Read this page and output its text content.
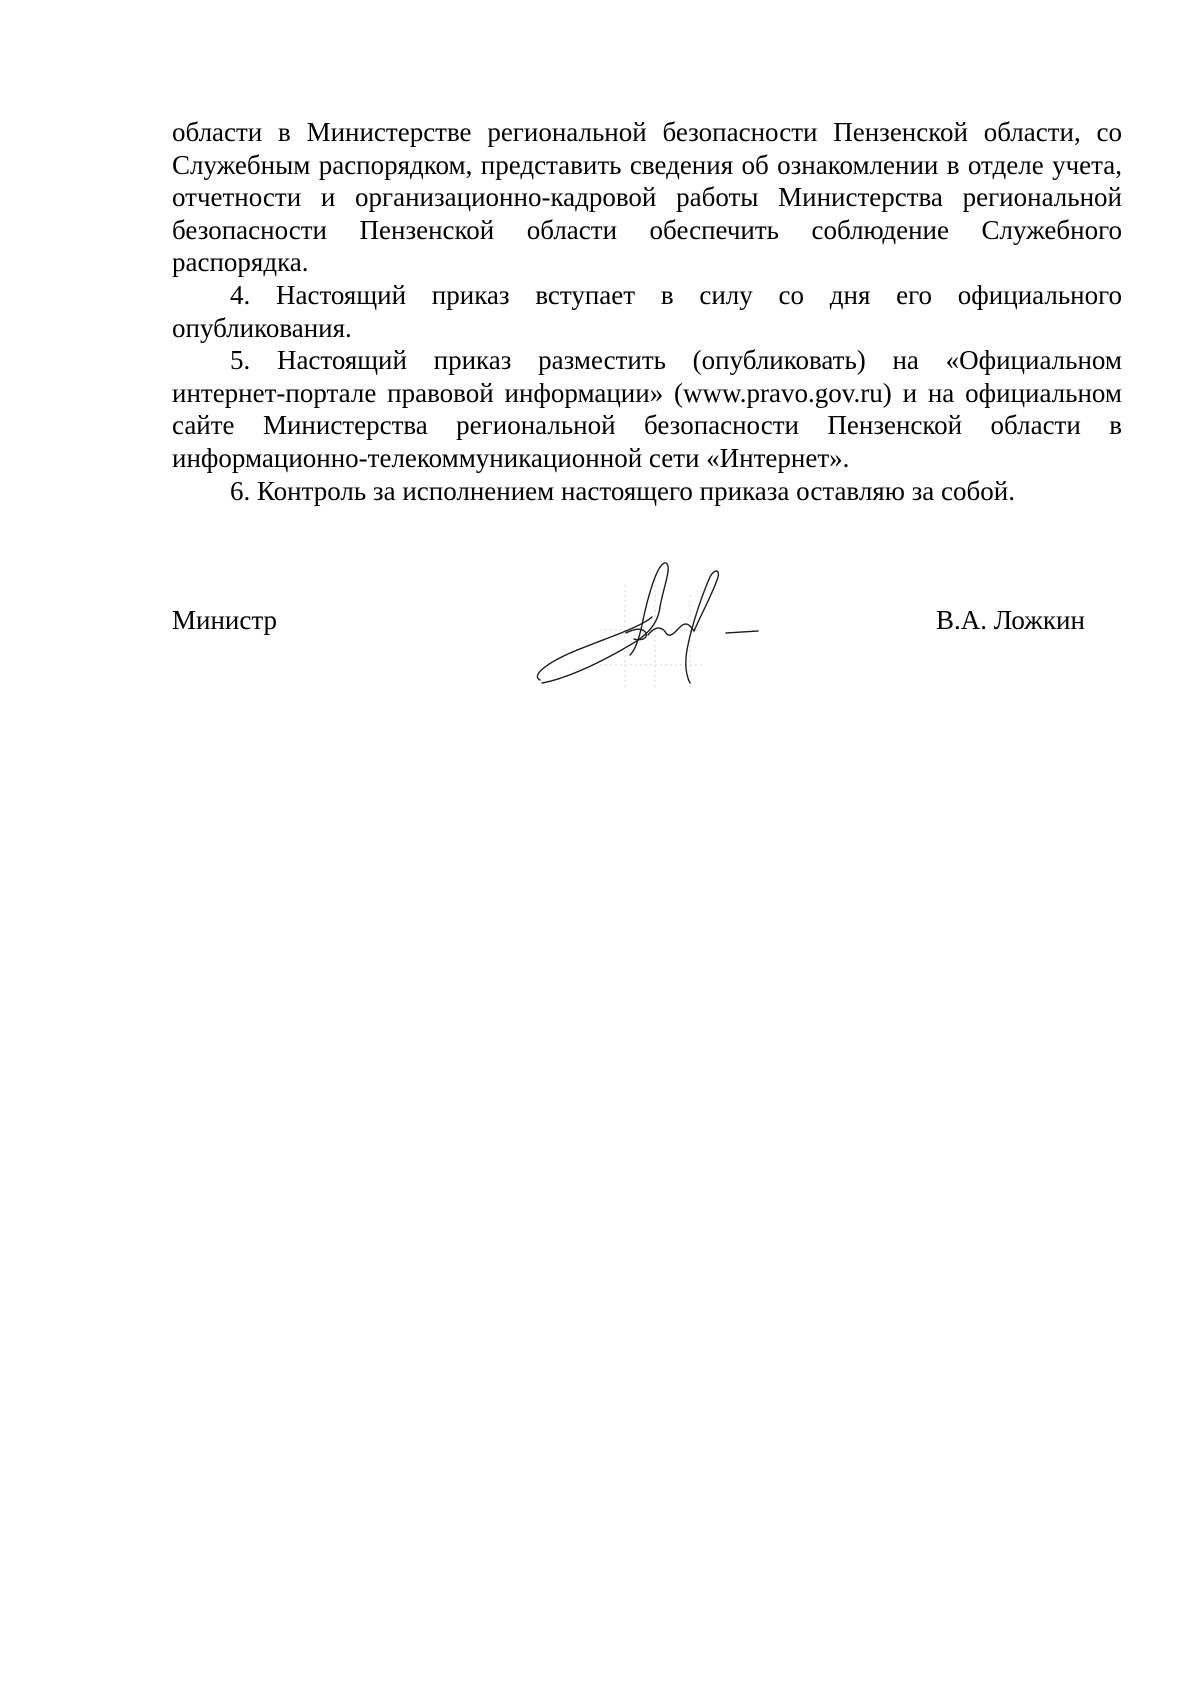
области в Министерстве региональной безопасности Пензенской области, со Служебным распорядком, представить сведения об ознакомлении в отделе учета, отчетности и организационно-кадровой работы Министерства региональной безопасности Пензенской области обеспечить соблюдение Служебного распорядка.

4. Настоящий приказ вступает в силу со дня его официального опубликования.

5. Настоящий приказ разместить (опубликовать) на «Официальном интернет-портале правовой информации» (www.pravo.gov.ru) и на официальном сайте Министерства региональной безопасности Пензенской области в информационно-телекоммуникационной сети «Интернет».

6. Контроль за исполнением настоящего приказа оставляю за собой.

Министр	В.А. Ложкин
